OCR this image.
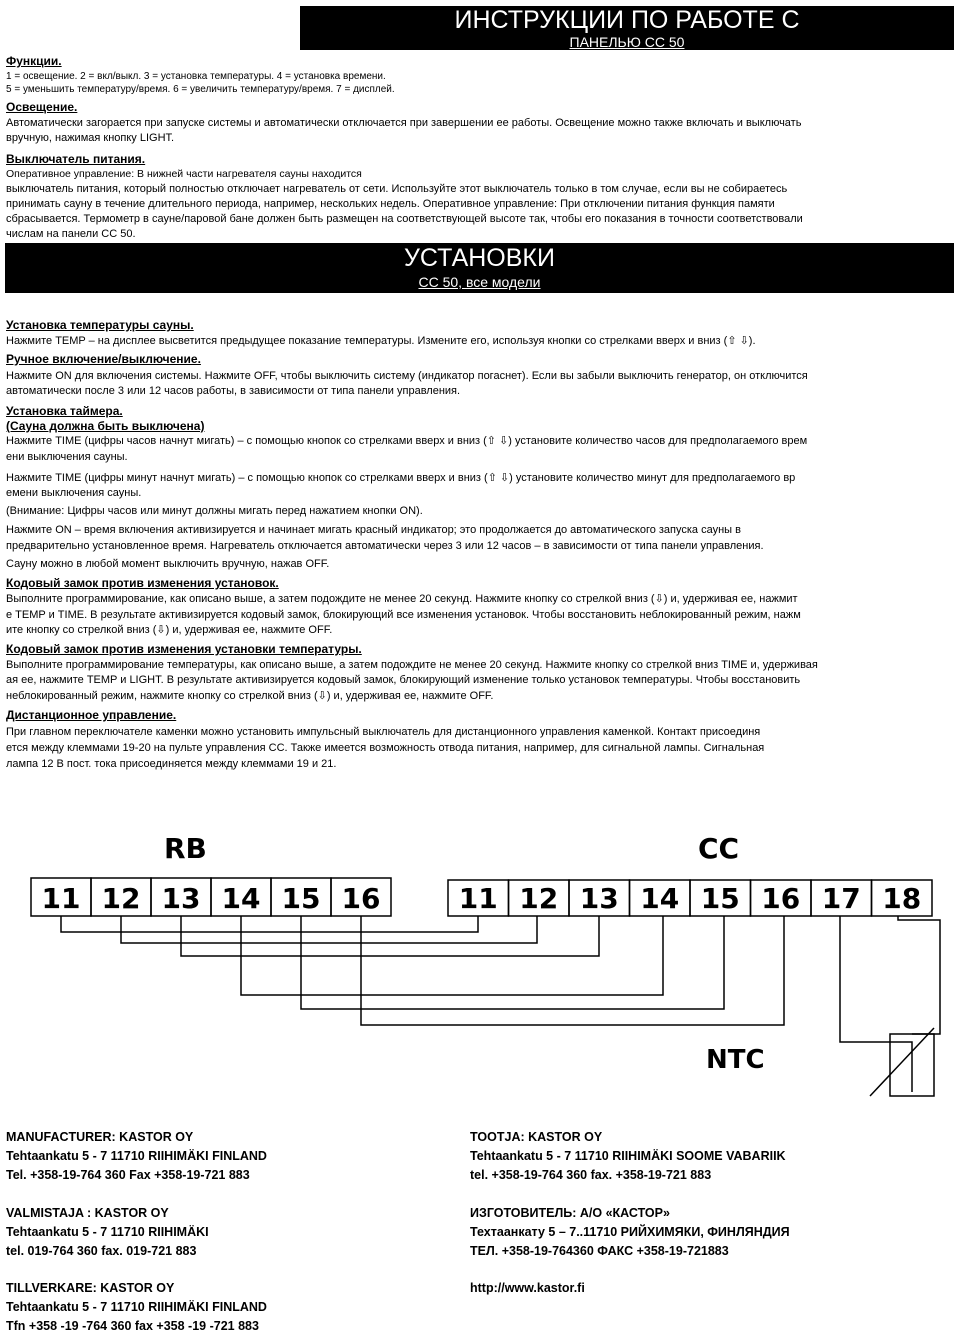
ИНСТРУКЦИИ ПО РАБОТЕ С
ПАНЕЛЬЮ СС 50
Функции.
1 = освещение. 2 = вкл/выкл. 3 = установка температуры. 4 = установка времени.
5 = уменьшить температуру/время. 6 = увеличить температуру/время. 7 = дисплей.
Освещение.
Автоматически загорается при запуске системы и автоматически отключается при завершении ее работы. Освещение можно также включать и выключать
вручную, нажимая кнопку LIGHT.
Выключатель питания.
Оперативное управление: В нижней части нагревателя сауны находится
выключатель питания, который полностью отключает нагреватель от сети. Используйте этот выключатель только в том случае, если вы не собираетесь
принимать сауну в течение длительного периода, например, нескольких недель. Оперативное управление: При отключении питания функция памяти
сбрасывается. Термометр в сауне/паровой бане должен быть размещен на соответствующей высоте так, чтобы его показания в точности соответствовали
числам на панели СС 50.
УСТАНОВКИ
СС 50, все модели
Установка температуры сауны.
Нажмите TEMP – на дисплее высветится предыдущее показание температуры. Измените его, используя кнопки со стрелками вверх и вниз (⇧ ⇩).
Ручное включение/выключение.
Нажмите ON для включения системы. Нажмите OFF, чтобы выключить систему (индикатор погаснет). Если вы забыли выключить генератор, он отключится
автоматически после 3 или 12 часов работы, в зависимости от типа панели управления.
Установка таймера.
(Сауна должна быть выключена)
Нажмите TIME (цифры часов начнут мигать) – с помощью кнопок со стрелками вверх и вниз (⇧ ⇩) установите количество часов для предполагаемого врем
ени выключения сауны.
Нажмите TIME (цифры минут начнут мигать) – с помощью кнопок со стрелками вверх и вниз (⇧ ⇩) установите количество минут для предполагаемого вр
емени выключения сауны.
(Внимание: Цифры часов или минут должны мигать перед нажатием кнопки ON).
Нажмите ON – время включения активизируется и начинает мигать красный индикатор; это продолжается до автоматического запуска сауны в
предварительно установленное время. Нагреватель отключается автоматически через 3 или 12 часов – в зависимости от типа панели управления.
Сауну можно в любой момент выключить вручную, нажав OFF.
Кодовый замок против изменения установок.
Выполните программирование, как описано выше, а затем подождите не менее 20 секунд. Нажмите кнопку со стрелкой вниз (⇩) и, удерживая ее, нажмит
е TEMP и TIME. В результате активизируется кодовый замок, блокирующий все изменения установок. Чтобы восстановить неблокированный режим, нажм
ите кнопку со стрелкой вниз (⇩) и, удерживая ее, нажмите OFF.
Кодовый замок против изменения установки температуры.
Выполните программирование температуры, как описано выше, а затем подождите не менее 20 секунд. Нажмите кнопку со стрелкой вниз TIME и, удерживая
ая ее, нажмите TEMP и LIGHT. В результате активизируется кодовый замок, блокирующий изменение только установок температуры. Чтобы восстановить
неблокированный режим, нажмите кнопку со стрелкой вниз (⇩) и, удерживая ее, нажмите OFF.
Дистанционное управление.
При главном переключателе каменки можно установить импульсный выключатель для дистанционного управления каменкой. Контакт присоединя
ется между клеммами 19-20 на пульте управления СС. Также имеется возможность отвода питания, например, для сигнальной лампы. Сигнальная
лампа 12 В пост. тока присоединяется между клеммами 19 и 21.
RB	CC
NTC
11 12 13 14 15 16	11 12 13 14 15 16 17 18
MANUFACTURER: KASTOR OY
Tehtaankatu 5 - 7 11710 RIIHIMÄKI FINLAND
Tel. +358-19-764 360 Fax +358-19-721 883
VALMISTAJA : KASTOR OY
Tehtaankatu 5 - 7 11710 RIIHIMÄKI
tel. 019-764 360 fax. 019-721 883
TILLVERKARE: KASTOR OY
Tehtaankatu 5 - 7 11710 RIIHIMÄKI FINLAND
Tfn +358 -19 -764 360 fax +358 -19 -721 883
TOOTJA: KASTOR OY
Tehtaankatu 5 - 7 11710 RIIHIMÄKI SOOME VABARIIK
tel. +358-19-764 360 fax. +358-19-721 883
ИЗГОТОВИТЕЛЬ: А/О «КАСТОР»
Техтаанкату 5 – 7..11710 РИЙХИМЯКИ, ФИНЛЯНДИЯ
ТЕЛ. +358-19-764360 ФАКС +358-19-721883
http://www.kastor.fi
